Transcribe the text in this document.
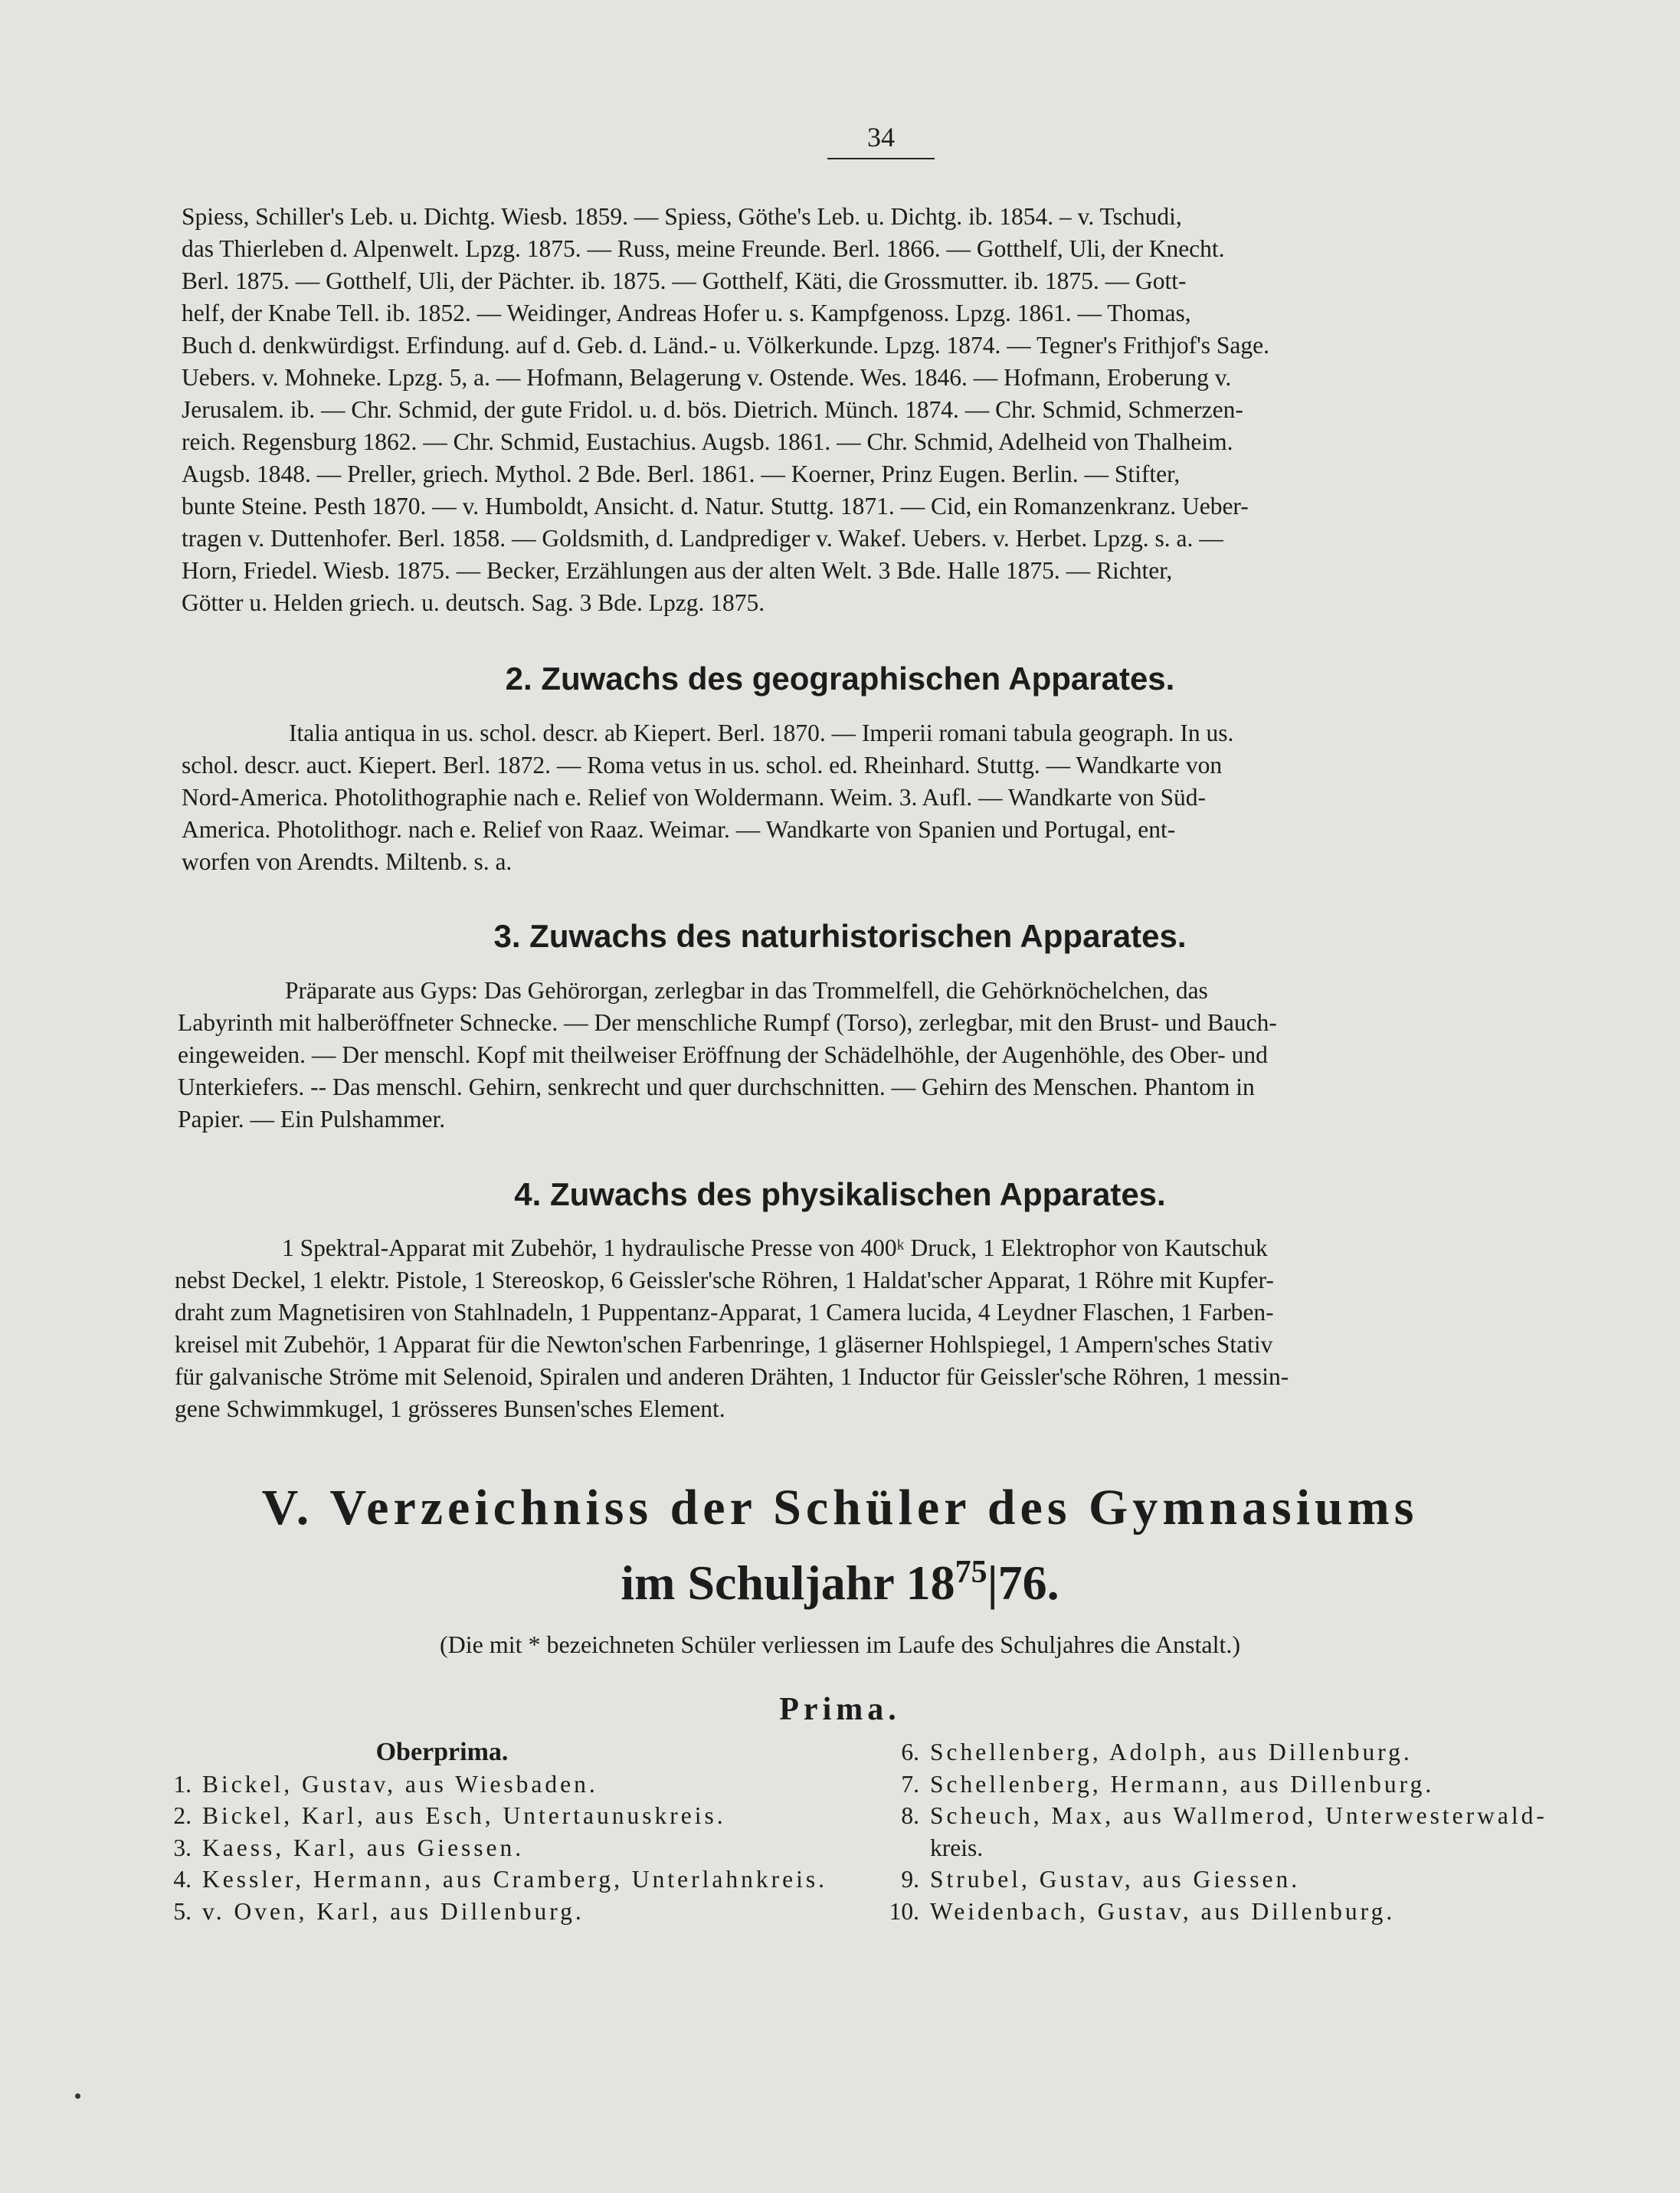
34

Spiess, Schiller's Leb. u. Dichtg. Wiesb. 1859. — Spiess, Göthe's Leb. u. Dichtg. ib. 1854. – v. Tschudi,

das Thierleben d. Alpenwelt. Lpzg. 1875. — Russ, meine Freunde. Berl. 1866. — Gotthelf, Uli, der Knecht.

Berl. 1875. — Gotthelf, Uli, der Pächter. ib. 1875. — Gotthelf, Käti, die Grossmutter. ib. 1875. — Gott-

helf, der Knabe Tell. ib. 1852. — Weidinger, Andreas Hofer u. s. Kampfgenoss. Lpzg. 1861. — Thomas,

Buch d. denkwürdigst. Erfindung. auf d. Geb. d. Länd.- u. Völkerkunde. Lpzg. 1874. — Tegner's Frithjof's Sage.

Uebers. v. Mohneke. Lpzg. 5, a. — Hofmann, Belagerung v. Ostende. Wes. 1846. — Hofmann, Eroberung v.

Jerusalem. ib. — Chr. Schmid, der gute Fridol. u. d. bös. Dietrich. Münch. 1874. — Chr. Schmid, Schmerzen-

reich. Regensburg 1862. — Chr. Schmid, Eustachius. Augsb. 1861. — Chr. Schmid, Adelheid von Thalheim.

Augsb. 1848. — Preller, griech. Mythol. 2 Bde. Berl. 1861. — Koerner, Prinz Eugen. Berlin. — Stifter,

bunte Steine. Pesth 1870. — v. Humboldt, Ansicht. d. Natur. Stuttg. 1871. — Cid, ein Romanzenkranz. Ueber-

tragen v. Duttenhofer. Berl. 1858. — Goldsmith, d. Landprediger v. Wakef. Uebers. v. Herbet. Lpzg. s. a. —

Horn, Friedel. Wiesb. 1875. — Becker, Erzählungen aus der alten Welt. 3 Bde. Halle 1875. — Richter,

Götter u. Helden griech. u. deutsch. Sag. 3 Bde. Lpzg. 1875.

2. Zuwachs des geographischen Apparates.

Italia antiqua in us. schol. descr. ab Kiepert. Berl. 1870. — Imperii romani tabula geograph. In us.

schol. descr. auct. Kiepert. Berl. 1872. — Roma vetus in us. schol. ed. Rheinhard. Stuttg. — Wandkarte von

Nord-America. Photolithographie nach e. Relief von Woldermann. Weim. 3. Aufl. — Wandkarte von Süd-

America. Photolithogr. nach e. Relief von Raaz. Weimar. — Wandkarte von Spanien und Portugal, ent-

worfen von Arendts. Miltenb. s. a.

3. Zuwachs des naturhistorischen Apparates.

Präparate aus Gyps: Das Gehörorgan, zerlegbar in das Trommelfell, die Gehörknöchelchen, das

Labyrinth mit halberöffneter Schnecke. — Der menschliche Rumpf (Torso), zerlegbar, mit den Brust- und Bauch-

eingeweiden. — Der menschl. Kopf mit theilweiser Eröffnung der Schädelhöhle, der Augenhöhle, des Ober- und

Unterkiefers. -- Das menschl. Gehirn, senkrecht und quer durchschnitten. — Gehirn des Menschen. Phantom in

Papier. — Ein Pulshammer.

4. Zuwachs des physikalischen Apparates.

1 Spektral-Apparat mit Zubehör, 1 hydraulische Presse von 400ᵏ Druck, 1 Elektrophor von Kautschuk

nebst Deckel, 1 elektr. Pistole, 1 Stereoskop, 6 Geissler'sche Röhren, 1 Haldat'scher Apparat, 1 Röhre mit Kupfer-

draht zum Magnetisiren von Stahlnadeln, 1 Puppentanz-Apparat, 1 Camera lucida, 4 Leydner Flaschen, 1 Farben-

kreisel mit Zubehör, 1 Apparat für die Newton'schen Farbenringe, 1 gläserner Hohlspiegel, 1 Ampern'sches Stativ

für galvanische Ströme mit Selenoid, Spiralen und anderen Drähten, 1 Inductor für Geissler'sche Röhren, 1 messin-

gene Schwimmkugel, 1 grösseres Bunsen'sches Element.

V. Verzeichniss der Schüler des Gymnasiums
im Schuljahr $18^{75}|76$.
(Die mit * bezeichneten Schüler verliessen im Laufe des Schuljahres die Anstalt.)
Prima.
Oberprima.
1. Bickel, Gustav, aus Wiesbaden.
2. Bickel, Karl, aus Esch, Untertaunuskreis.
3. Kaess, Karl, aus Giessen.
4. Kessler, Hermann, aus Cramberg, Unterlahnkreis.
5. v. Oven, Karl, aus Dillenburg.
6. Schellenberg, Adolph, aus Dillenburg.
7. Schellenberg, Hermann, aus Dillenburg.
8. Scheuch, Max, aus Wallmerod, Unterwesterwald-
kreis.
9. Strubel, Gustav, aus Giessen.
10. Weidenbach, Gustav, aus Dillenburg.
